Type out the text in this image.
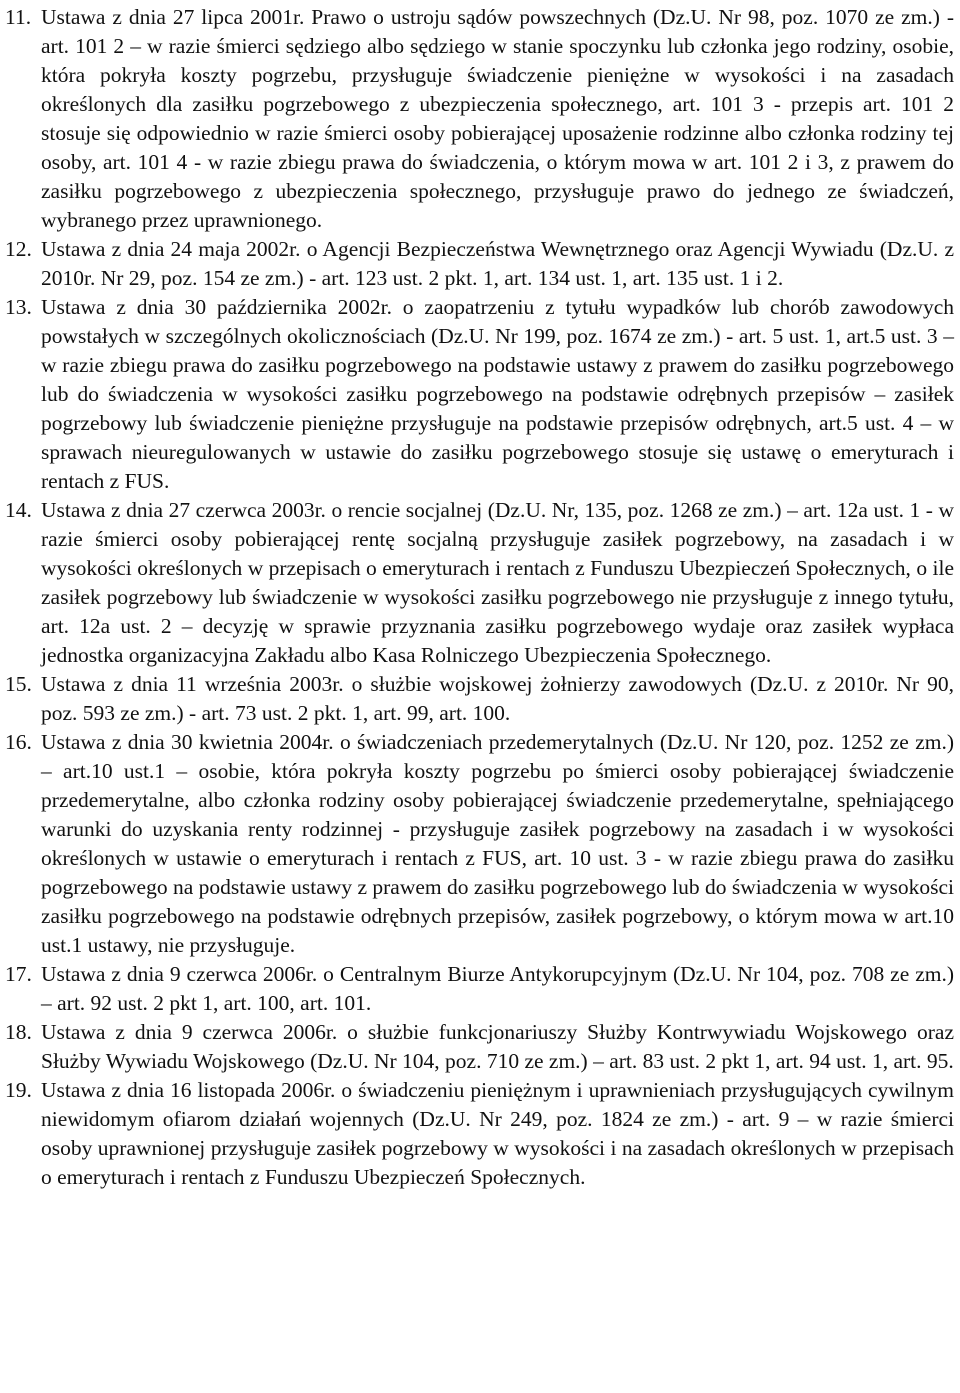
11. Ustawa z dnia 27 lipca 2001r. Prawo o ustroju sądów powszechnych (Dz.U. Nr 98, poz. 1070 ze zm.) - art. 101 2 – w razie śmierci sędziego albo sędziego w stanie spoczynku lub członka jego rodziny, osobie, która pokryła koszty pogrzebu, przysługuje świadczenie pieniężne w wysokości i na zasadach określonych dla zasiłku pogrzebowego z ubezpieczenia społecznego, art. 101 3 - przepis art. 101 2 stosuje się odpowiednio w razie śmierci osoby pobierającej uposażenie rodzinne albo członka rodziny tej osoby, art. 101 4 - w razie zbiegu prawa do świadczenia, o którym mowa w art. 101 2 i 3, z prawem do zasiłku pogrzebowego z ubezpieczenia społecznego, przysługuje prawo do jednego ze świadczeń, wybranego przez uprawnionego.

12. Ustawa z dnia 24 maja 2002r. o Agencji Bezpieczeństwa Wewnętrznego oraz Agencji Wywiadu (Dz.U. z 2010r. Nr 29, poz. 154 ze zm.) - art. 123 ust. 2 pkt. 1, art. 134 ust. 1, art. 135 ust. 1 i 2.

13. Ustawa z dnia 30 października 2002r. o zaopatrzeniu z tytułu wypadków lub chorób zawodowych powstałych w szczególnych okolicznościach (Dz.U. Nr 199, poz. 1674 ze zm.) - art. 5 ust. 1, art.5 ust. 3 – w razie zbiegu prawa do zasiłku pogrzebowego na podstawie ustawy z prawem do zasiłku pogrzebowego lub do świadczenia w wysokości zasiłku pogrzebowego na podstawie odrębnych przepisów – zasiłek pogrzebowy lub świadczenie pieniężne przysługuje na podstawie przepisów odrębnych, art.5 ust. 4 – w sprawach nieuregulowanych w ustawie do zasiłku pogrzebowego stosuje się ustawę o emeryturach i rentach z FUS.

14. Ustawa z dnia 27 czerwca 2003r. o rencie socjalnej (Dz.U. Nr, 135, poz. 1268 ze zm.) – art. 12a ust. 1 - w razie śmierci osoby pobierającej rentę socjalną przysługuje zasiłek pogrzebowy, na zasadach i w wysokości określonych w przepisach o emeryturach i rentach z Funduszu Ubezpieczeń Społecznych, o ile zasiłek pogrzebowy lub świadczenie w wysokości zasiłku pogrzebowego nie przysługuje z innego tytułu, art. 12a ust. 2 – decyzję w sprawie przyznania zasiłku pogrzebowego wydaje oraz zasiłek wypłaca jednostka organizacyjna Zakładu albo Kasa Rolniczego Ubezpieczenia Społecznego.

15. Ustawa z dnia 11 września 2003r. o służbie wojskowej żołnierzy zawodowych (Dz.U. z 2010r. Nr 90, poz. 593 ze zm.) - art. 73 ust. 2 pkt. 1, art. 99, art. 100.

16. Ustawa z dnia 30 kwietnia 2004r. o świadczeniach przedemerytalnych (Dz.U. Nr 120, poz. 1252 ze zm.) – art.10 ust.1 – osobie, która pokryła koszty pogrzebu po śmierci osoby pobierającej świadczenie przedemerytalne, albo członka rodziny osoby pobierającej świadczenie przedemerytalne, spełniającego warunki do uzyskania renty rodzinnej - przysługuje zasiłek pogrzebowy na zasadach i w wysokości określonych w ustawie o emeryturach i rentach z FUS, art. 10 ust. 3 - w razie zbiegu prawa do zasiłku pogrzebowego na podstawie ustawy z prawem do zasiłku pogrzebowego lub do świadczenia w wysokości zasiłku pogrzebowego na podstawie odrębnych przepisów, zasiłek pogrzebowy, o którym mowa w art.10 ust.1 ustawy, nie przysługuje.

17. Ustawa z dnia 9 czerwca 2006r. o Centralnym Biurze Antykorupcyjnym (Dz.U. Nr 104, poz. 708 ze zm.) – art. 92 ust. 2 pkt 1, art. 100, art. 101.

18. Ustawa z dnia 9 czerwca 2006r. o służbie funkcjonariuszy Służby Kontrwywiadu Wojskowego oraz Służby Wywiadu Wojskowego (Dz.U. Nr 104, poz. 710 ze zm.) – art. 83 ust. 2 pkt 1, art. 94 ust. 1, art. 95.

19. Ustawa z dnia 16 listopada 2006r. o świadczeniu pieniężnym i uprawnieniach przysługujących cywilnym niewidomym ofiarom działań wojennych (Dz.U. Nr 249, poz. 1824 ze zm.) - art. 9 – w razie śmierci osoby uprawnionej przysługuje zasiłek pogrzebowy w wysokości i na zasadach określonych w przepisach o emeryturach i rentach z Funduszu Ubezpieczeń Społecznych.
